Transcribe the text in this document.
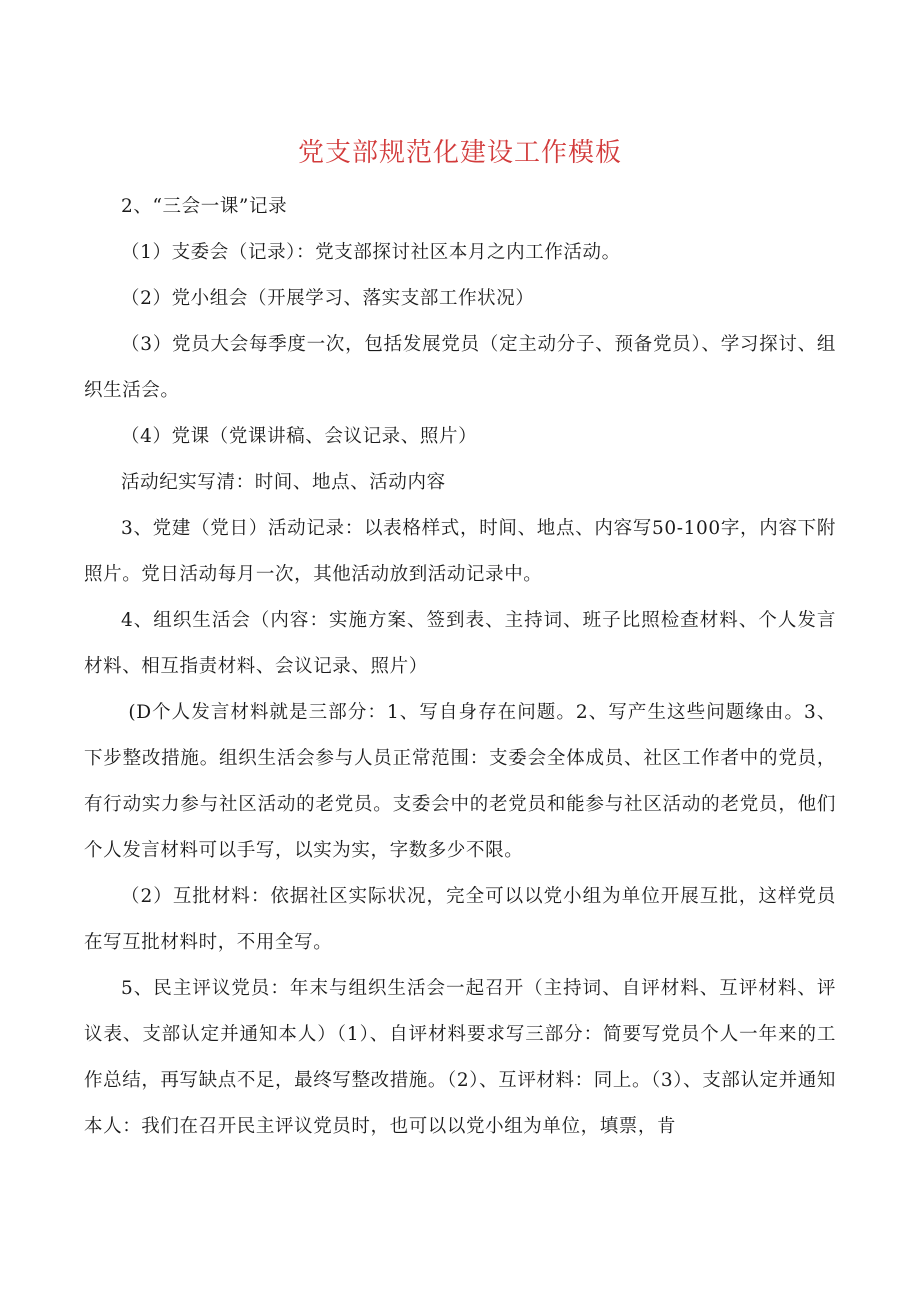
党支部规范化建设工作模板

2、“三会一课”记录

（1）支委会（记录）：党支部探讨社区本月之内工作活动。

（2）党小组会（开展学习、落实支部工作状况）

（3）党员大会每季度一次，包括发展党员（定主动分子、预备党员）、学习探讨、组织生活会。

（4）党课（党课讲稿、会议记录、照片）

活动纪实写清：时间、地点、活动内容

3、党建（党日）活动记录：以表格样式，时间、地点、内容写50-100字，内容下附照片。党日活动每月一次，其他活动放到活动记录中。

4、组织生活会（内容：实施方案、签到表、主持词、班子比照检查材料、个人发言材料、相互指责材料、会议记录、照片）

(D个人发言材料就是三部分：1、写自身存在问题。2、写产生这些问题缘由。3、下步整改措施。组织生活会参与人员正常范围：支委会全体成员、社区工作者中的党员，有行动实力参与社区活动的老党员。支委会中的老党员和能参与社区活动的老党员，他们个人发言材料可以手写，以实为实，字数多少不限。

（2）互批材料：依据社区实际状况，完全可以以党小组为单位开展互批，这样党员在写互批材料时，不用全写。

5、民主评议党员：年末与组织生活会一起召开（主持词、自评材料、互评材料、评议表、支部认定并通知本人）（1）、自评材料要求写三部分：简要写党员个人一年来的工作总结，再写缺点不足，最终写整改措施。（2）、互评材料：同上。（3）、支部认定并通知本人：我们在召开民主评议党员时，也可以以党小组为单位，填票，肯
